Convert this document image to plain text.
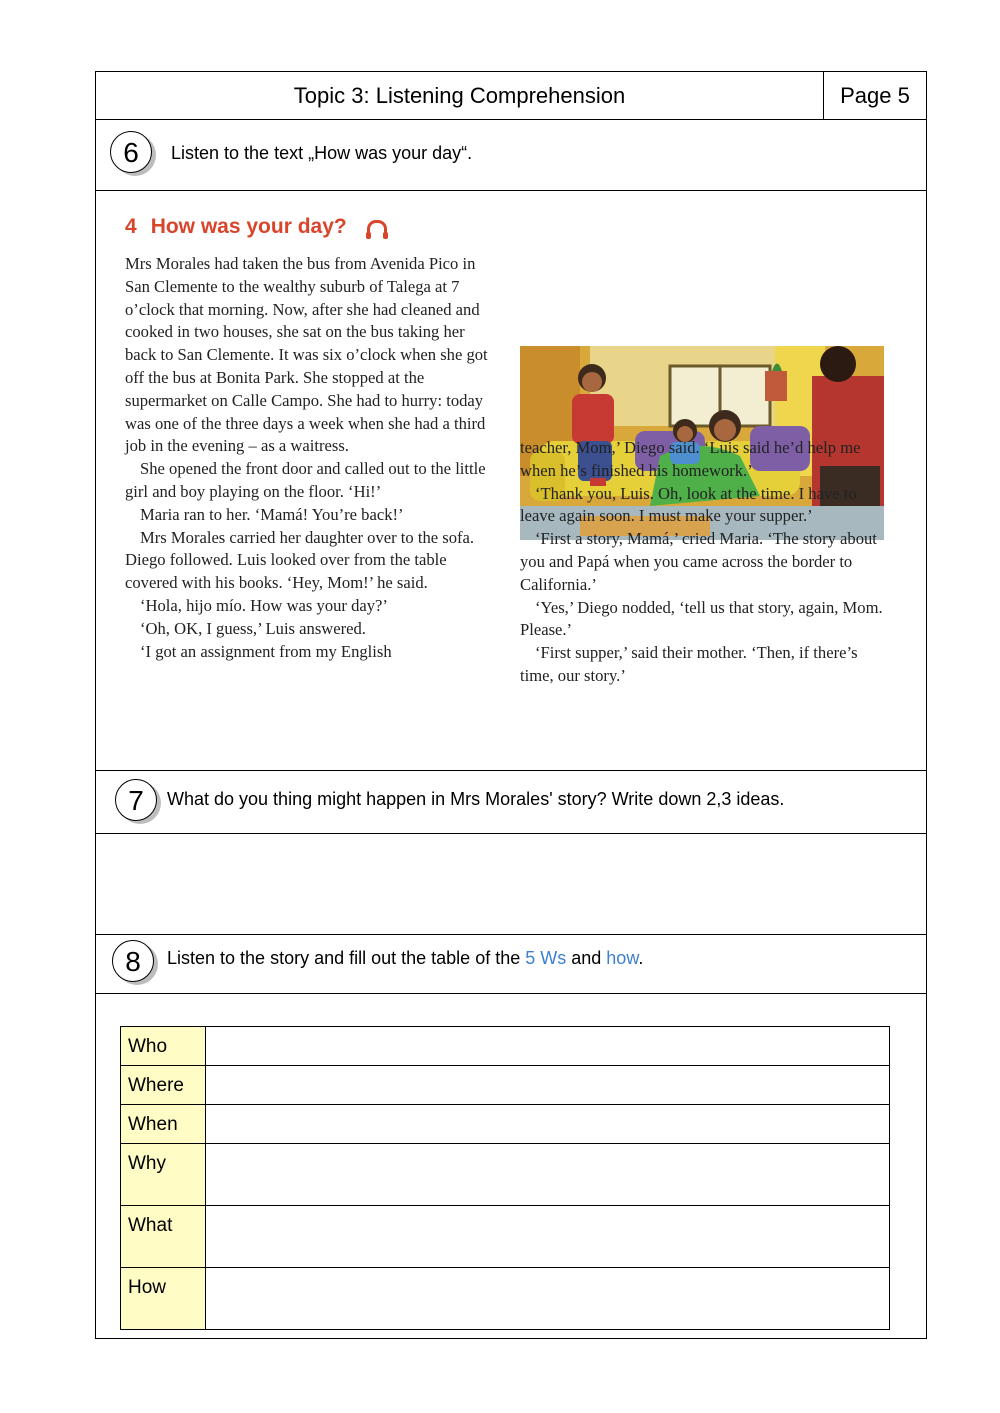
Topic 3: Listening Comprehension	Page 5
6	Listen to the text „How was your day“.
4 How was your day?

Mrs Morales had taken the bus from Avenida Pico in San Clemente to the wealthy suburb of Talega at 7 o’clock that morning. Now, after she had cleaned and cooked in two houses, she sat on the bus taking her back to San Clemente. It was six o’clock when she got off the bus at Bonita Park. She stopped at the supermarket on Calle Campo. She had to hurry: today was one of the three days a week when she had a third job in the evening – as a waitress.

She opened the front door and called out to the little girl and boy playing on the floor. ‘Hi!’

Maria ran to her. ‘Mamá! You’re back!’

Mrs Morales carried her daughter over to the sofa. Diego followed. Luis looked over from the table covered with his books. ‘Hey, Mom!’ he said.

‘Hola, hijo mío. How was your day?’

‘Oh, OK, I guess,’ Luis answered.

‘I got an assignment from my English

teacher, Mom,’ Diego said. ‘Luis said he’d help me when he’s finished his homework.’

‘Thank you, Luis. Oh, look at the time. I have to leave again soon. I must make your supper.’

‘First a story, Mamá,’ cried Maria. ‘The story about you and Papá when you came across the border to California.’

‘Yes,’ Diego nodded, ‘tell us that story, again, Mom. Please.’

‘First supper,’ said their mother. ‘Then, if there’s time, our story.’

7	What do you thing might happen in Mrs Morales' story? Write down 2,3 ideas.
8	Listen to the story and fill out the table of the 5 Ws and how.
Who	
Where	
When	
Why	
What	
How	
